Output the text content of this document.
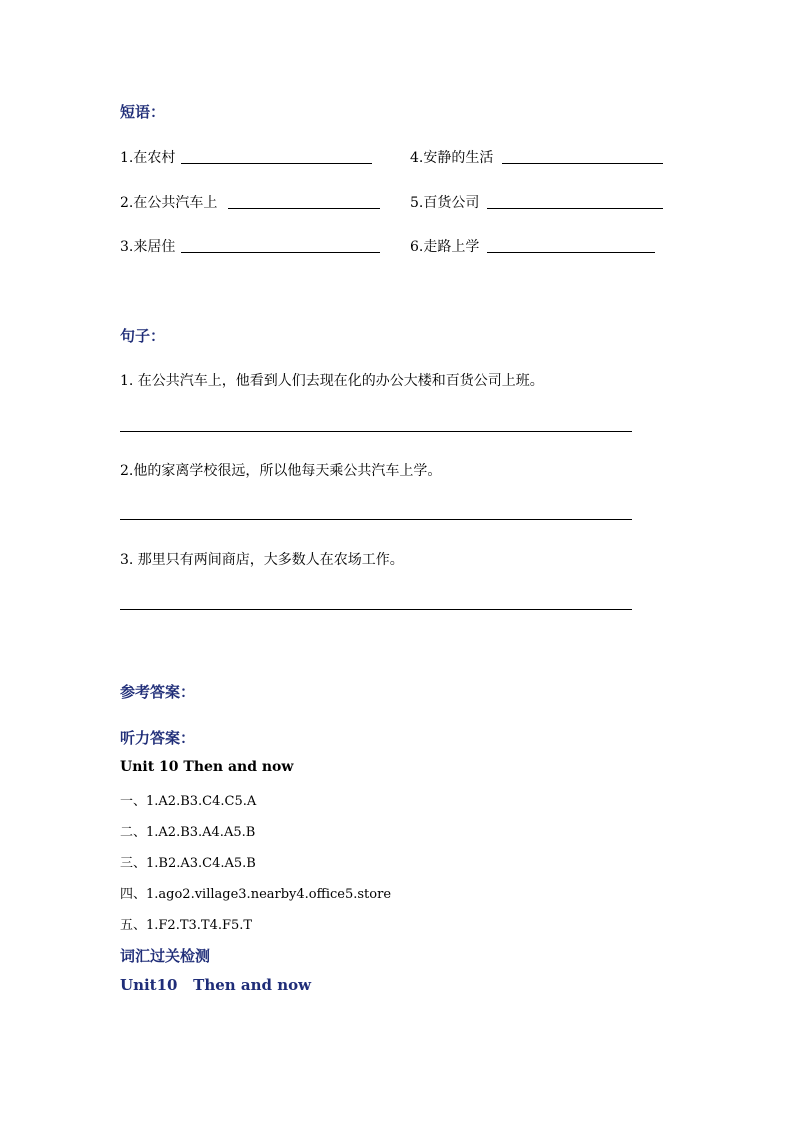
短语：
1.在农村	4.安静的生活
2.在公共汽车上	5.百货公司
3.来居住	6.走路上学
句子：
1. 在公共汽车上，他看到人们去现在化的办公大楼和百货公司上班。
2.他的家离学校很远，所以他每天乘公共汽车上学。
3. 那里只有两间商店，大多数人在农场工作。
参考答案：
听力答案：
Unit 10 Then and now
一、1.A2.B3.C4.C5.A
二、1.A2.B3.A4.A5.B
三、1.B2.A3.C4.A5.B
四、1.ago2.village3.nearby4.office5.store
五、1.F2.T3.T4.F5.T
词汇过关检测
Unit10   Then and now
